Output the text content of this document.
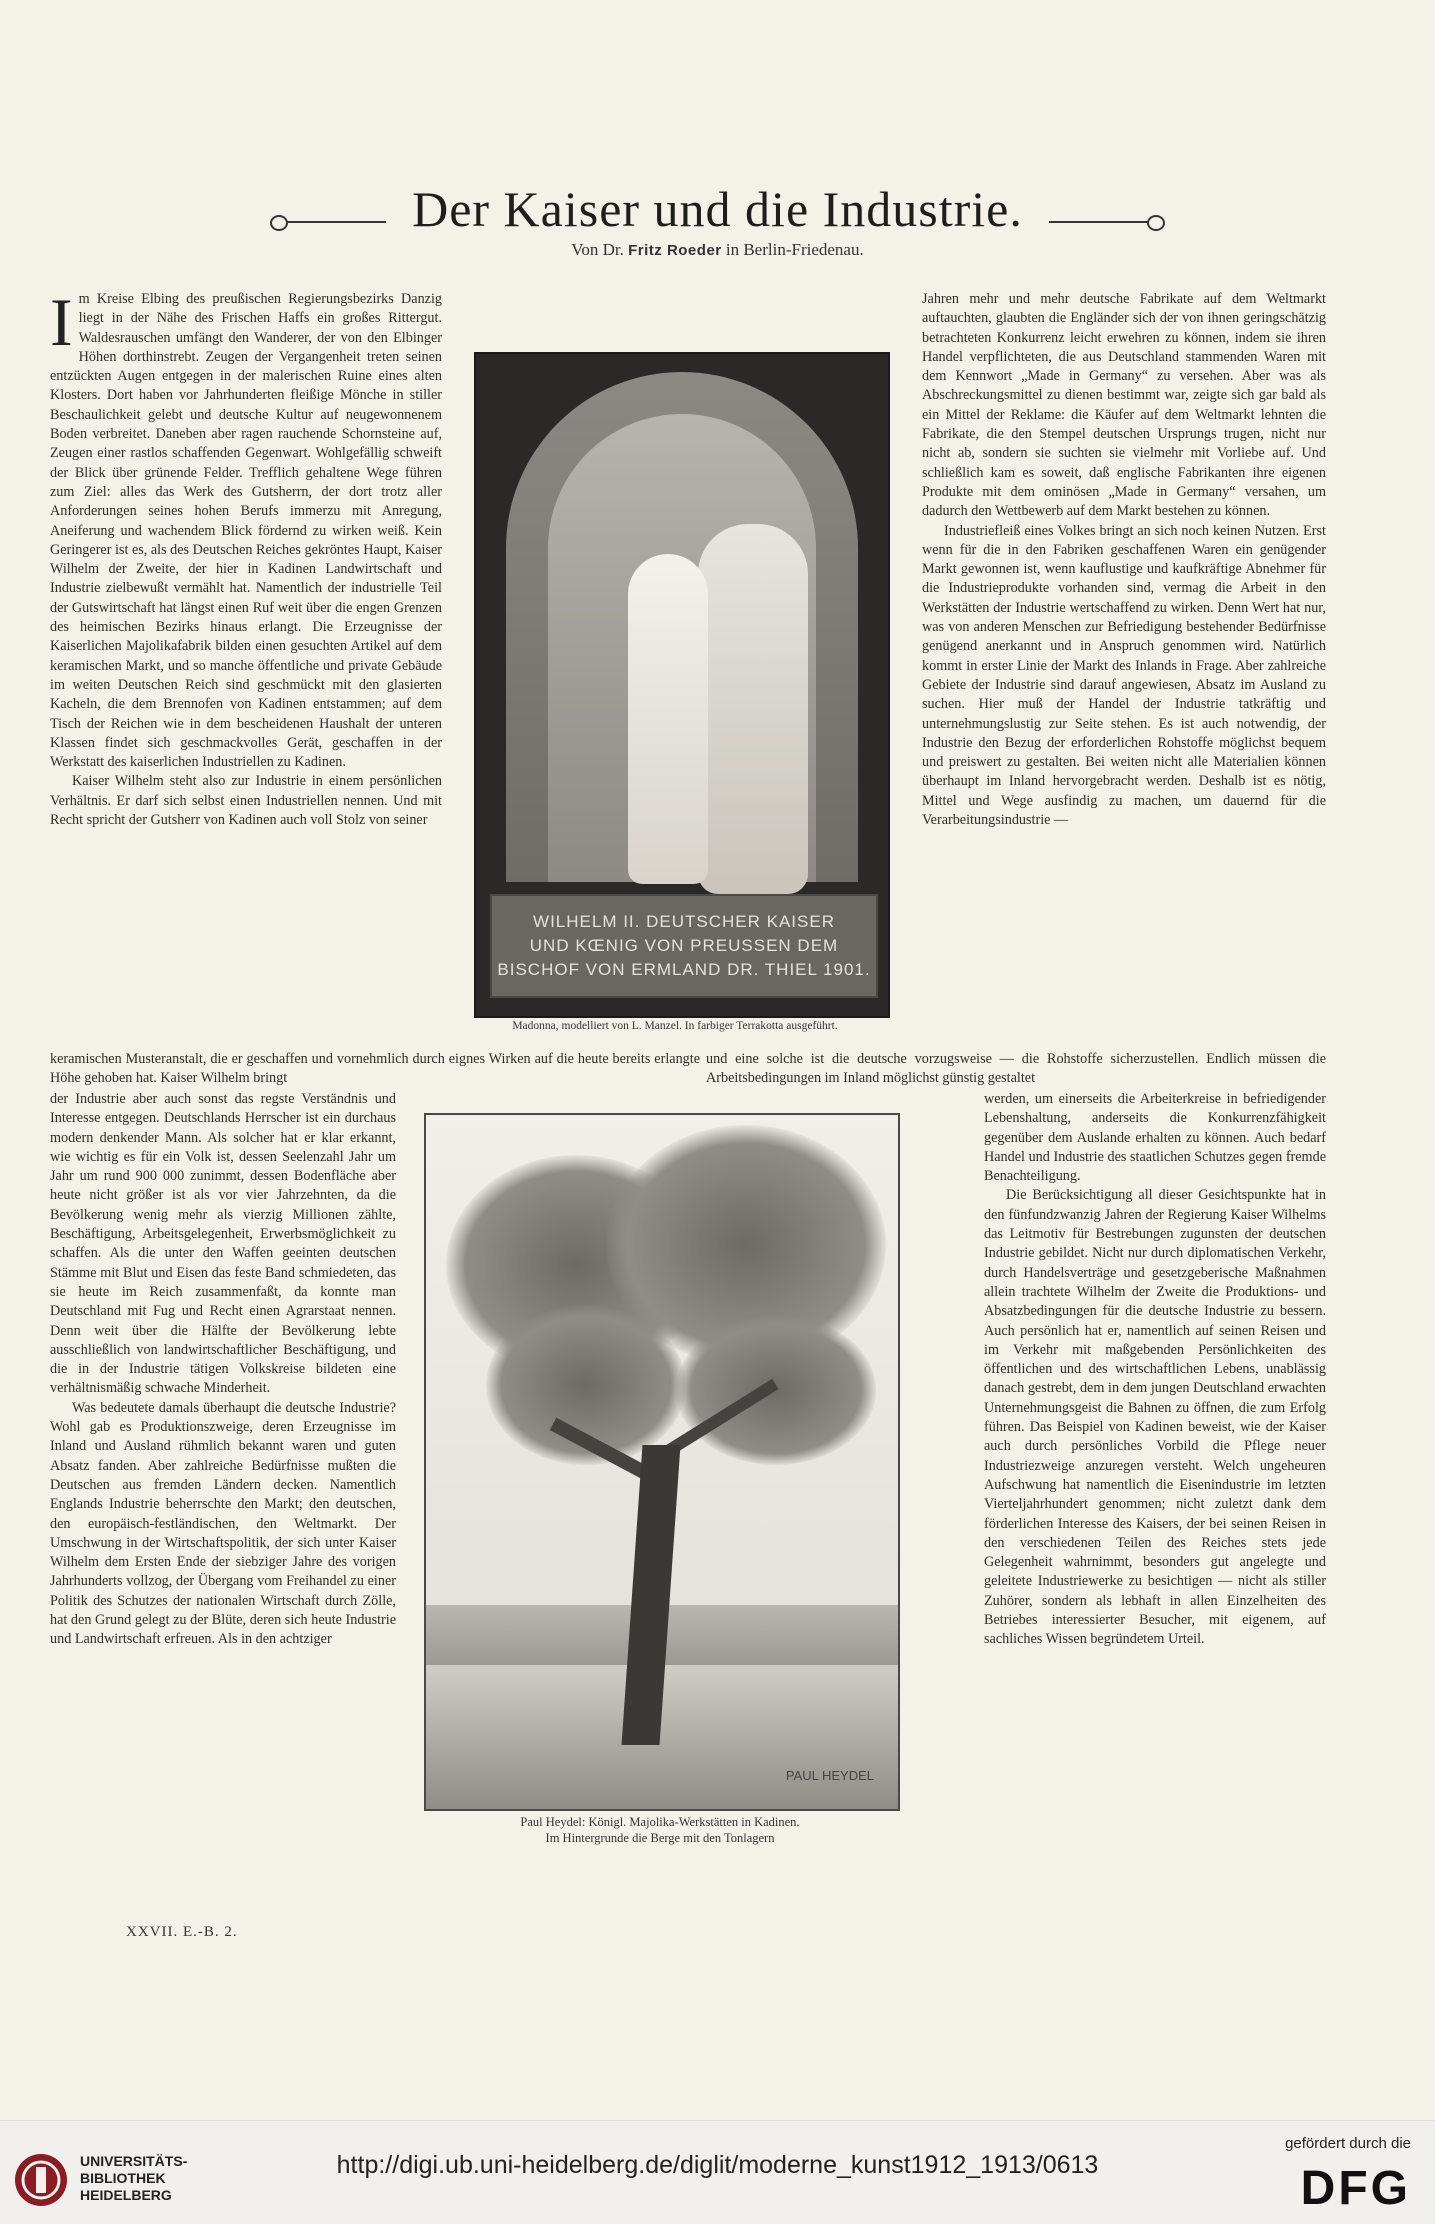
Der Kaiser und die Industrie.
Von Dr. Fritz Roeder in Berlin-Friedenau.

Im Kreise Elbing des preußischen Regierungsbezirks Danzig liegt in der Nähe des Frischen Haffs ein großes Rittergut. Waldesrauschen umfängt den Wanderer, der von den Elbinger Höhen dorthinstrebt. Zeugen der Vergangenheit treten seinen entzückten Augen entgegen in der malerischen Ruine eines alten Klosters. Dort haben vor Jahrhunderten fleißige Mönche in stiller Beschaulichkeit gelebt und deutsche Kultur auf neugewonnenem Boden verbreitet. Daneben aber ragen rauchende Schornsteine auf, Zeugen einer rastlos schaffenden Gegenwart. Wohlgefällig schweift der Blick über grünende Felder. Trefflich gehaltene Wege führen zum Ziel: alles das Werk des Gutsherrn, der dort trotz aller Anforderungen seines hohen Berufs immerzu mit Anregung, Aneiferung und wachendem Blick fördernd zu wirken weiß. Kein Geringerer ist es, als des Deutschen Reiches gekröntes Haupt, Kaiser Wilhelm der Zweite, der hier in Kadinen Landwirtschaft und Industrie zielbewußt vermählt hat. Namentlich der industrielle Teil der Gutswirtschaft hat längst einen Ruf weit über die engen Grenzen des heimischen Bezirks hinaus erlangt. Die Erzeugnisse der Kaiserlichen Majolikafabrik bilden einen gesuchten Artikel auf dem keramischen Markt, und so manche öffentliche und private Gebäude im weiten Deutschen Reich sind geschmückt mit den glasierten Kacheln, die dem Brennofen von Kadinen entstammen; auf dem Tisch der Reichen wie in dem bescheidenen Haushalt der unteren Klassen findet sich geschmackvolles Gerät, geschaffen in der Werkstatt des kaiserlichen Industriellen zu Kadinen.

Kaiser Wilhelm steht also zur Industrie in einem persönlichen Verhältnis. Er darf sich selbst einen Industriellen nennen. Und mit Recht spricht der Gutsherr von Kadinen auch voll Stolz von seiner

keramischen Musteranstalt, die er geschaffen und vornehmlich durch eignes Wirken auf die heute bereits erlangte Höhe gehoben hat. Kaiser Wilhelm bringt
und eine solche ist die deutsche vorzugsweise — die Rohstoffe sicherzustellen. Endlich müssen die Arbeitsbedingungen im Inland möglichst günstig gestaltet

der Industrie aber auch sonst das regste Verständnis und Interesse entgegen. Deutschlands Herrscher ist ein durchaus modern denkender Mann. Als solcher hat er klar erkannt, wie wichtig es für ein Volk ist, dessen Seelenzahl Jahr um Jahr um rund 900 000 zunimmt, dessen Bodenfläche aber heute nicht größer ist als vor vier Jahrzehnten, da die Bevölkerung wenig mehr als vierzig Millionen zählte, Beschäftigung, Arbeitsgelegenheit, Erwerbsmöglichkeit zu schaffen. Als die unter den Waffen geeinten deutschen Stämme mit Blut und Eisen das feste Band schmiedeten, das sie heute im Reich zusammenfaßt, da konnte man Deutschland mit Fug und Recht einen Agrarstaat nennen. Denn weit über die Hälfte der Bevölkerung lebte ausschließlich von landwirtschaftlicher Beschäftigung, und die in der Industrie tätigen Volkskreise bildeten eine verhältnismäßig schwache Minderheit.

Was bedeutete damals überhaupt die deutsche Industrie? Wohl gab es Produktionszweige, deren Erzeugnisse im Inland und Ausland rühmlich bekannt waren und guten Absatz fanden. Aber zahlreiche Bedürfnisse mußten die Deutschen aus fremden Ländern decken. Namentlich Englands Industrie beherrschte den Markt; den deutschen, den europäisch-festländischen, den Weltmarkt. Der Umschwung in der Wirtschaftspolitik, der sich unter Kaiser Wilhelm dem Ersten Ende der siebziger Jahre des vorigen Jahrhunderts vollzog, der Übergang vom Freihandel zu einer Politik des Schutzes der nationalen Wirtschaft durch Zölle, hat den Grund gelegt zu der Blüte, deren sich heute Industrie und Landwirtschaft erfreuen. Als in den achtziger

Jahren mehr und mehr deutsche Fabrikate auf dem Weltmarkt auftauchten, glaubten die Engländer sich der von ihnen geringschätzig betrachteten Konkurrenz leicht erwehren zu können, indem sie ihren Handel verpflichteten, die aus Deutschland stammenden Waren mit dem Kennwort „Made in Germany“ zu versehen. Aber was als Abschreckungsmittel zu dienen bestimmt war, zeigte sich gar bald als ein Mittel der Reklame: die Käufer auf dem Weltmarkt lehnten die Fabrikate, die den Stempel deutschen Ursprungs trugen, nicht nur nicht ab, sondern sie suchten sie vielmehr mit Vorliebe auf. Und schließlich kam es soweit, daß englische Fabrikanten ihre eigenen Produkte mit dem ominösen „Made in Germany“ versahen, um dadurch den Wettbewerb auf dem Markt bestehen zu können.

Industriefleiß eines Volkes bringt an sich noch keinen Nutzen. Erst wenn für die in den Fabriken geschaffenen Waren ein genügender Markt gewonnen ist, wenn kauflustige und kaufkräftige Abnehmer für die Industrieprodukte vorhanden sind, vermag die Arbeit in den Werkstätten der Industrie wertschaffend zu wirken. Denn Wert hat nur, was von anderen Menschen zur Befriedigung bestehender Bedürfnisse genügend anerkannt und in Anspruch genommen wird. Natürlich kommt in erster Linie der Markt des Inlands in Frage. Aber zahlreiche Gebiete der Industrie sind darauf angewiesen, Absatz im Ausland zu suchen. Hier muß der Handel der Industrie tatkräftig und unternehmungslustig zur Seite stehen. Es ist auch notwendig, der Industrie den Bezug der erforderlichen Rohstoffe möglichst bequem und preiswert zu gestalten. Bei weiten nicht alle Materialien können überhaupt im Inland hervorgebracht werden. Deshalb ist es nötig, Mittel und Wege ausfindig zu machen, um dauernd für die Verarbeitungsindustrie —

werden, um einerseits die Arbeiterkreise in befriedigender Lebenshaltung, anderseits die Konkurrenzfähigkeit gegenüber dem Auslande erhalten zu können. Auch bedarf Handel und Industrie des staatlichen Schutzes gegen fremde Benachteiligung.

Die Berücksichtigung all dieser Gesichtspunkte hat in den fünfundzwanzig Jahren der Regierung Kaiser Wilhelms das Leitmotiv für Bestrebungen zugunsten der deutschen Industrie gebildet. Nicht nur durch diplomatischen Verkehr, durch Handelsverträge und gesetzgeberische Maßnahmen allein trachtete Wilhelm der Zweite die Produktions- und Absatzbedingungen für die deutsche Industrie zu bessern. Auch persönlich hat er, namentlich auf seinen Reisen und im Verkehr mit maßgebenden Persönlichkeiten des öffentlichen und des wirtschaftlichen Lebens, unablässig danach gestrebt, dem in dem jungen Deutschland erwachten Unternehmungsgeist die Bahnen zu öffnen, die zum Erfolg führen. Das Beispiel von Kadinen beweist, wie der Kaiser auch durch persönliches Vorbild die Pflege neuer Industriezweige anzuregen versteht. Welch ungeheuren Aufschwung hat namentlich die Eisenindustrie im letzten Vierteljahrhundert genommen; nicht zuletzt dank dem förderlichen Interesse des Kaisers, der bei seinen Reisen in den verschiedenen Teilen des Reiches stets jede Gelegenheit wahrnimmt, besonders gut angelegte und geleitete Industriewerke zu besichtigen — nicht als stiller Zuhörer, sondern als lebhaft in allen Einzelheiten des Betriebes interessierter Besucher, mit eigenem, auf sachliches Wissen begründetem Urteil.

WILHELM II. DEUTSCHER KAISER
UND KŒNIG VON PREUSSEN DEM
BISCHOF VON ERMLAND DR. THIEL 1901.
Madonna, modelliert von L. Manzel. In farbiger Terrakotta ausgeführt.
PAUL HEYDEL
Paul Heydel: Königl. Majolika-Werkstätten in Kadinen.
Im Hintergrunde die Berge mit den Tonlagern
XXVII. E.-B. 2.
UNIVERSITÄTS-
BIBLIOTHEK
HEIDELBERG
http://digi.ub.uni-heidelberg.de/diglit/moderne_kunst1912_1913/0613
gefördert durch die
DFG
